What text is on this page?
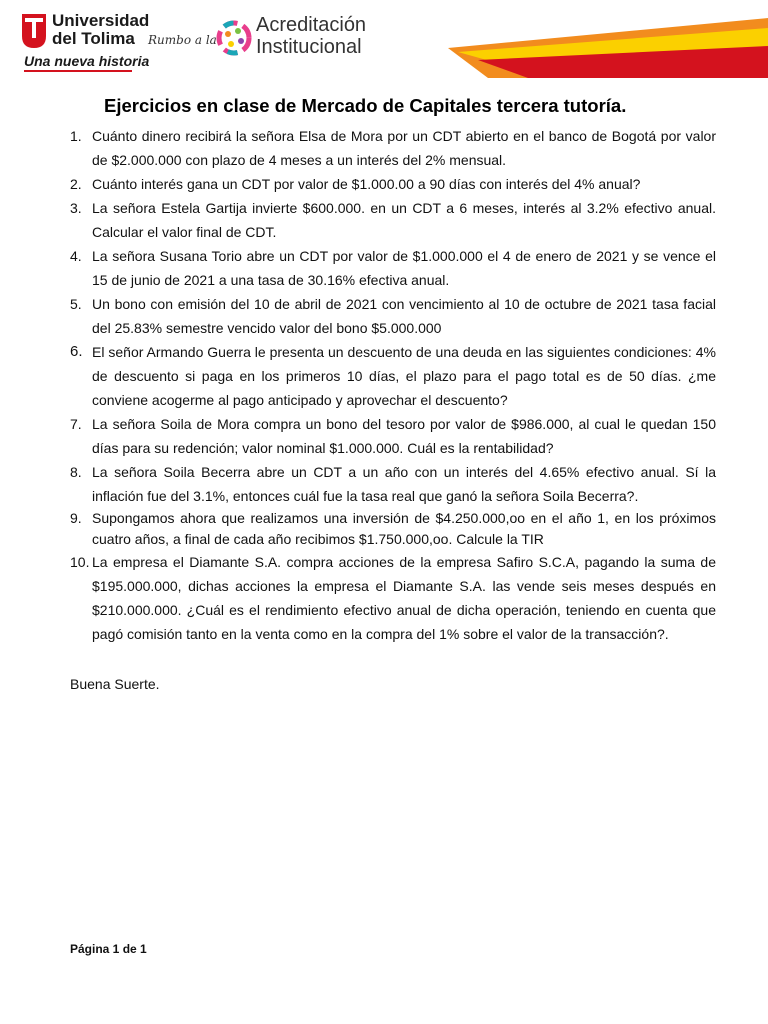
Universidad
del Tolima
Una nueva historia
Rumbo a la
Acreditación
Institucional
Ejercicios en clase de Mercado de Capitales tercera tutoría.
1. Cuánto dinero recibirá la señora Elsa de Mora por un CDT abierto en el banco de Bogotá por valor de $2.000.000 con plazo de 4 meses a un interés del 2% mensual.
2. Cuánto interés gana un CDT por valor de $1.000.00 a 90 días con interés del 4% anual?
3. La señora Estela Gartija invierte $600.000. en un CDT a 6 meses, interés al 3.2% efectivo anual. Calcular el valor final de CDT.
4. La señora Susana Torio abre un CDT por valor de $1.000.000 el 4 de enero de 2021 y se vence el 15 de junio de 2021 a una tasa de 30.16% efectiva anual.
5. Un bono con emisión del 10 de abril de 2021 con vencimiento al 10 de octubre de 2021 tasa facial del 25.83% semestre vencido valor del bono $5.000.000
6. El señor Armando Guerra le presenta un descuento de una deuda en las siguientes condiciones: 4% de descuento si paga en los primeros 10 días, el plazo para el pago total es de 50 días. ¿me conviene acogerme al pago anticipado y aprovechar el descuento?
7. La señora Soila de Mora compra un bono del tesoro por valor de $986.000, al cual le quedan 150 días para su redención; valor nominal $1.000.000. Cuál es la rentabilidad?
8. La señora Soila Becerra abre un CDT a un año con un interés del 4.65% efectivo anual. Sí la inflación fue del 3.1%, entonces cuál fue la tasa real que ganó la señora Soila Becerra?.
9. Supongamos ahora que realizamos una inversión de $4.250.000,oo en el año 1, en los próximos cuatro años, a final de cada año recibimos $1.750.000,oo. Calcule la TIR
10. La empresa el Diamante S.A. compra acciones de la empresa Safiro S.C.A, pagando la suma de $195.000.000, dichas acciones la empresa el Diamante S.A. las vende seis meses después en $210.000.000. ¿Cuál es el rendimiento efectivo anual de dicha operación, teniendo en cuenta que pagó comisión tanto en la venta como en la compra del 1% sobre el valor de la transacción?.
Buena Suerte.
Página 1 de 1
